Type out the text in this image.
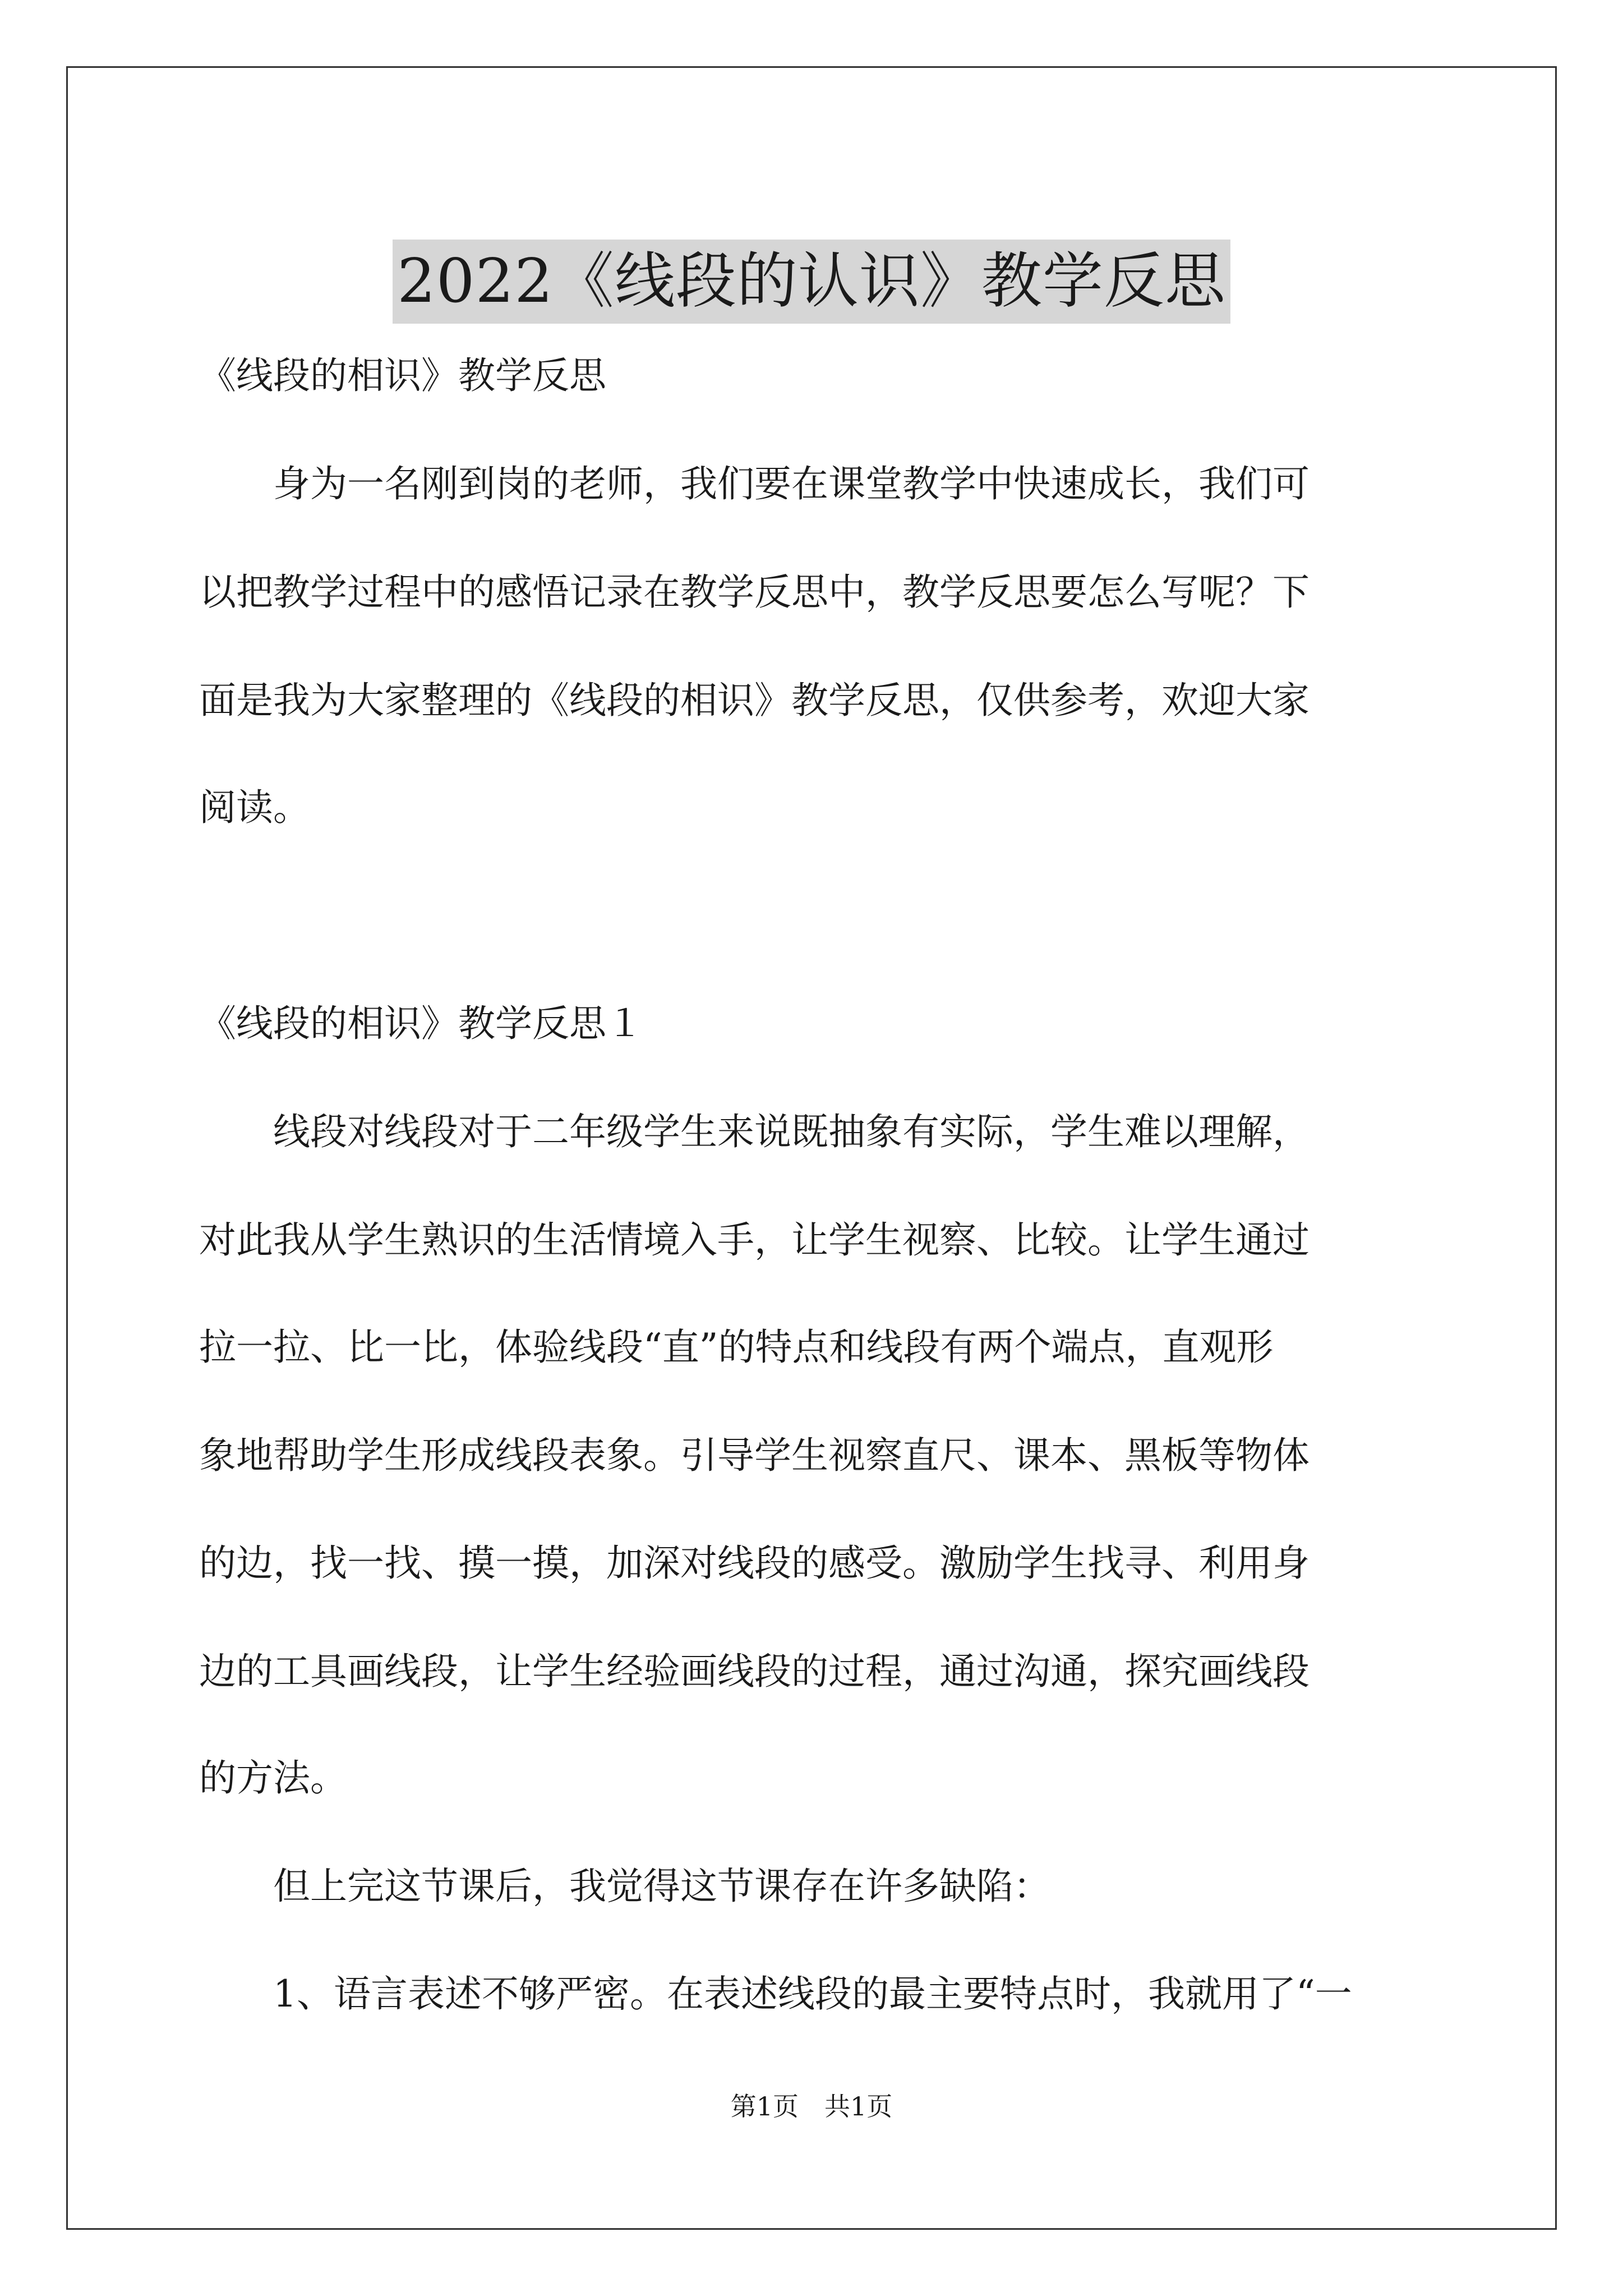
2022《线段的认识》教学反思
《线段的相识》教学反思
　　身为一名刚到岗的老师，我们要在课堂教学中快速成长，我们可
以把教学过程中的感悟记录在教学反思中，教学反思要怎么写呢？下
面是我为大家整理的《线段的相识》教学反思，仅供参考，欢迎大家
阅读。
《线段的相识》教学反思１
　　线段对线段对于二年级学生来说既抽象有实际，学生难以理解，
对此我从学生熟识的生活情境入手，让学生视察、比较。让学生通过
拉一拉、比一比，体验线段“直”的特点和线段有两个端点，直观形
象地帮助学生形成线段表象。引导学生视察直尺、课本、黑板等物体
的边，找一找、摸一摸，加深对线段的感受。激励学生找寻、利用身
边的工具画线段，让学生经验画线段的过程，通过沟通，探究画线段
的方法。
　　但上完这节课后，我觉得这节课存在许多缺陷：
　　1、语言表述不够严密。在表述线段的最主要特点时，我就用了“一
第1页　共1页
